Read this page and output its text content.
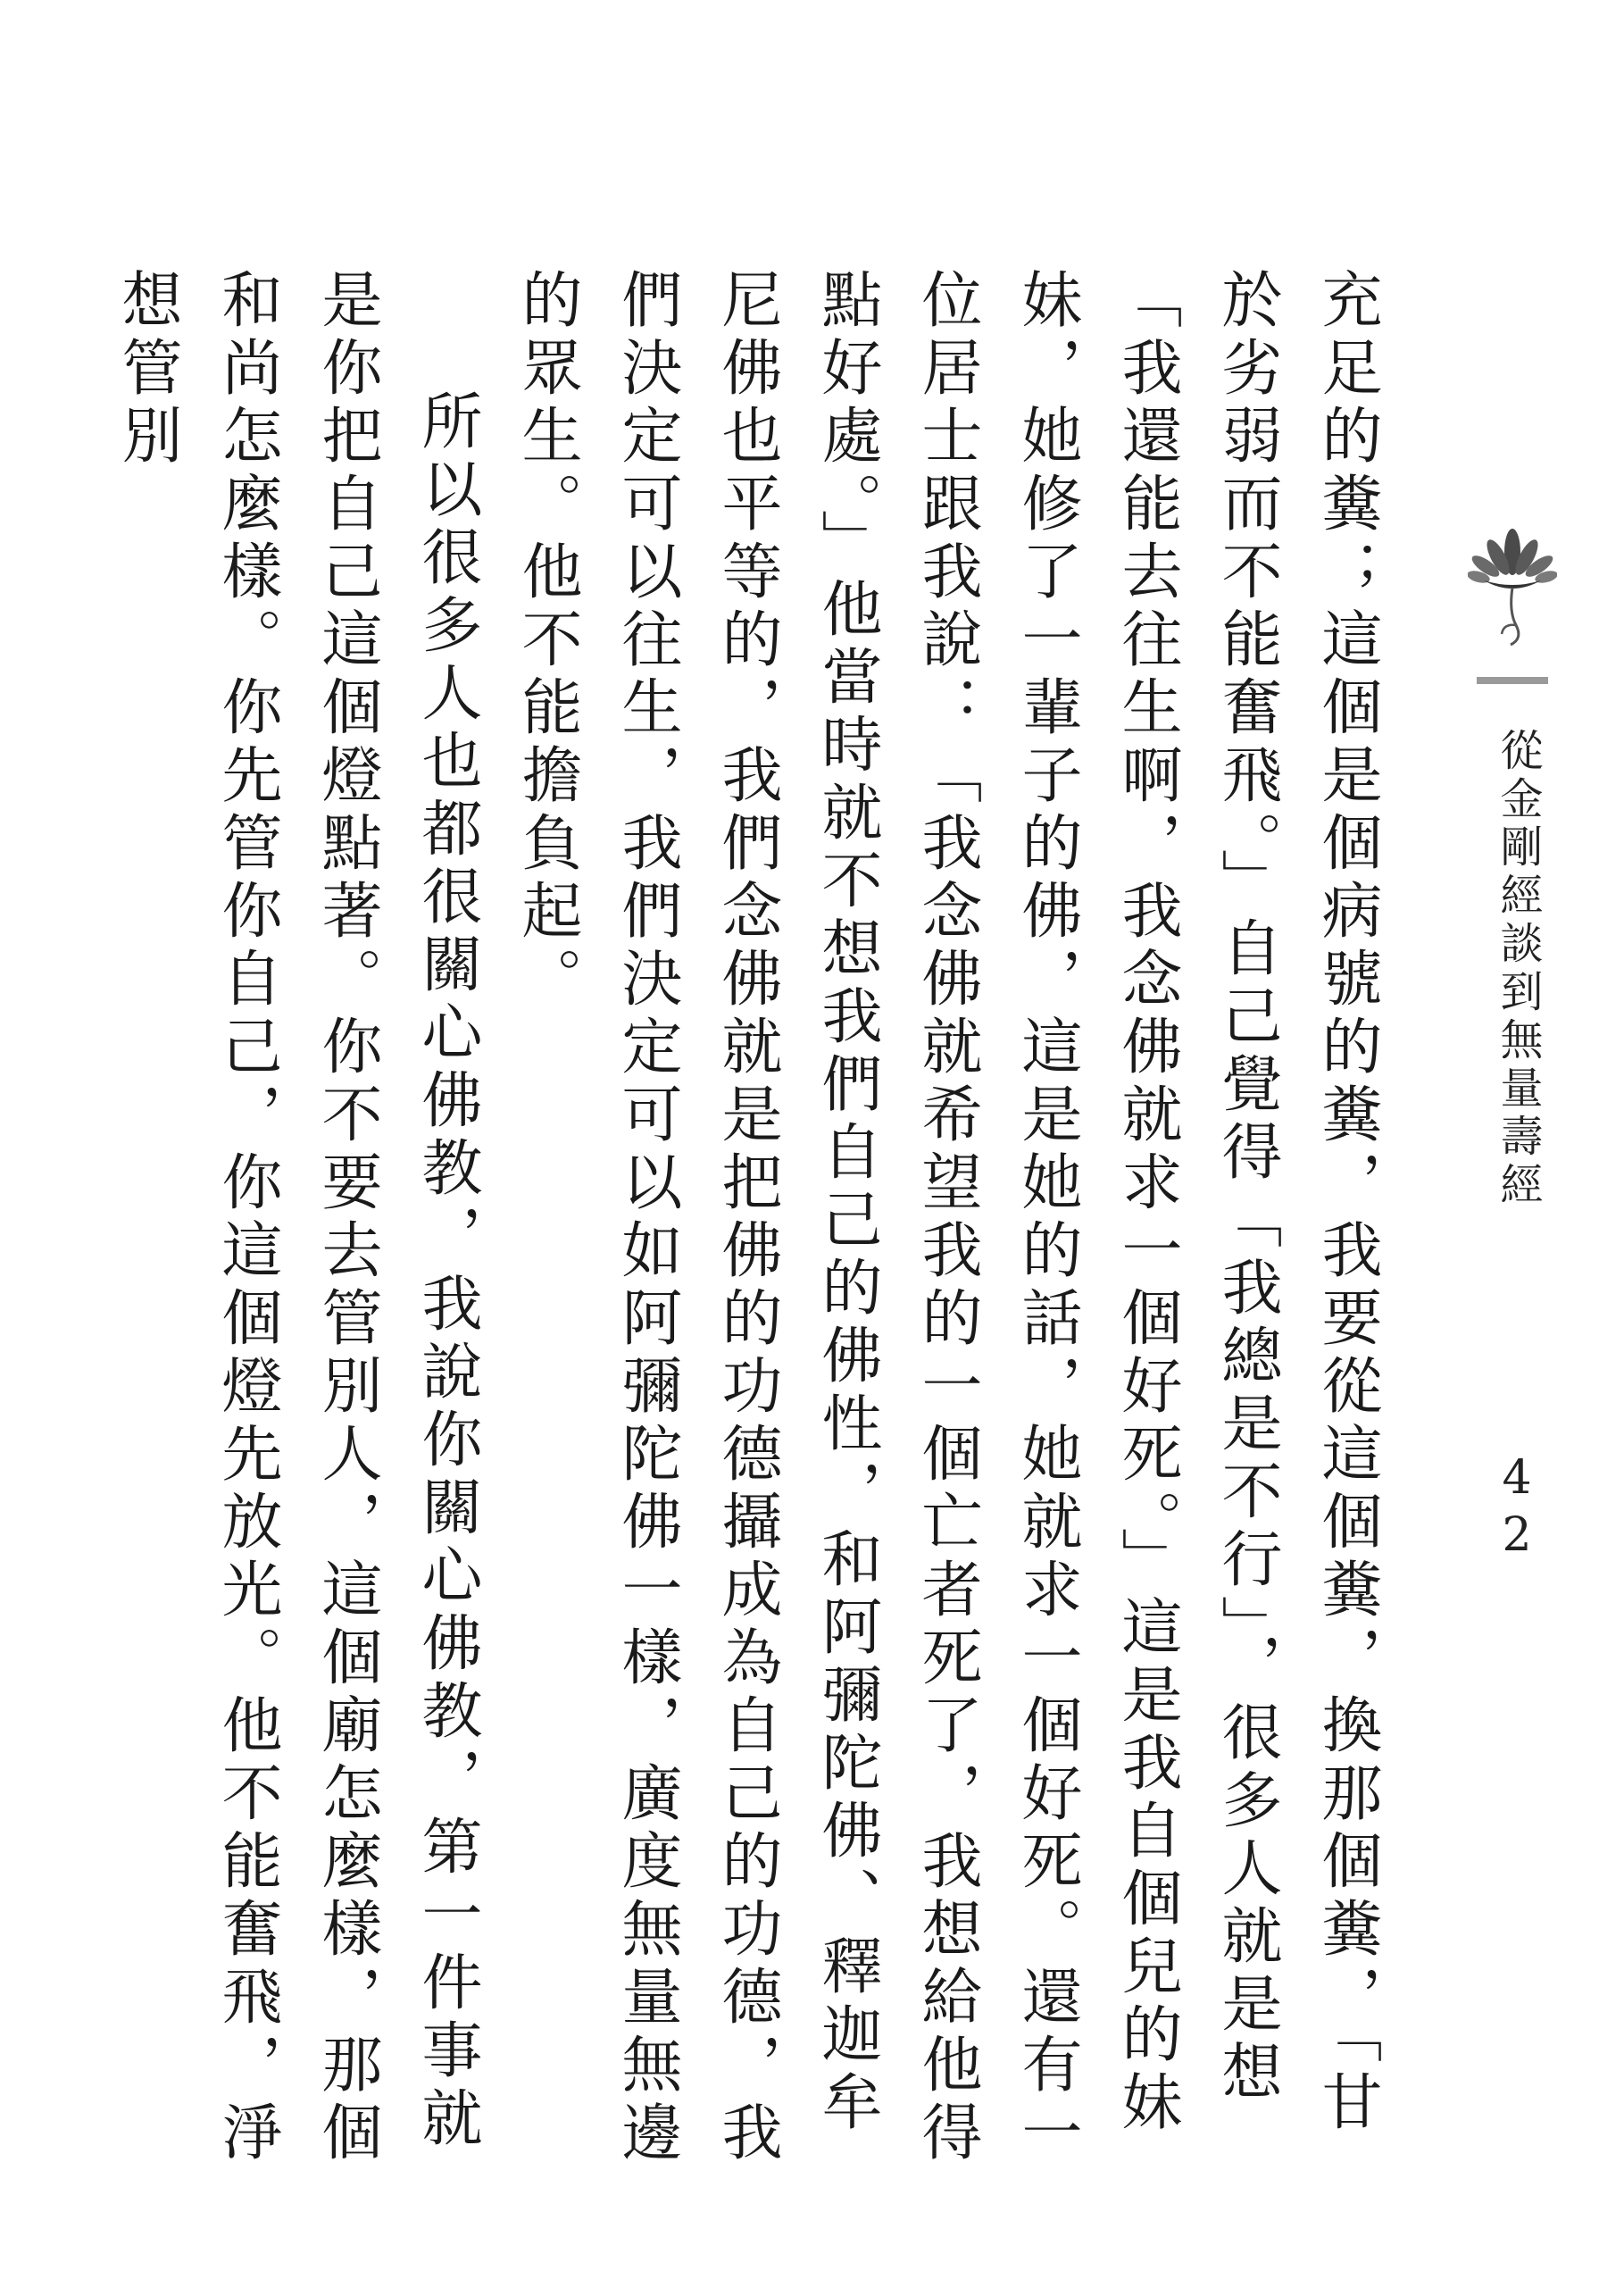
充足的糞；這個是個病號的糞，我要從這個糞，換那個糞，「甘於劣弱而不能奮飛。」自己覺得「我總是不行」，很多人就是想「我還能去往生啊，我念佛就求一個好死。」這是我自個兒的妹妹，她修了一輩子的佛，這是她的話，她就求一個好死。還有一位居士跟我說：「我念佛就希望我的一個亡者死了，我想給他得點好處。」他當時就不想我們自己的佛性，和阿彌陀佛、釋迦牟尼佛也平等的，我們念佛就是把佛的功德攝成為自己的功德，我們決定可以往生，我們決定可以如阿彌陀佛一樣，廣度無量無邊的眾生。他不能擔負起。

所以很多人也都很關心佛教，我說你關心佛教，第一件事就是你把自己這個燈點著。你不要去管別人，這個廟怎麼樣，那個和尚怎麼樣。你先管你自己，你這個燈先放光。他不能奮飛，淨想管別

從金剛經談到無量壽經
42
